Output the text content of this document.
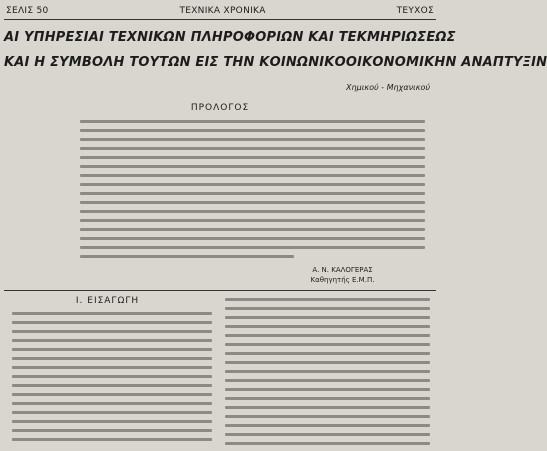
ΣΕΛΙΣ 50	ΤΕΧΝΙΚΑ ΧΡΟΝΙΚΑ	ΤΕΥΧΟΣ
ΑΙ ΥΠΗΡΕΣΙΑΙ ΤΕΧΝΙΚΩΝ ΠΛΗΡΟΦΟΡΙΩΝ ΚΑΙ ΤΕΚΜΗΡΙΩΣΕΩΣ
ΚΑΙ Η ΣΥΜΒΟΛΗ ΤΟΥΤΩΝ ΕΙΣ ΤΗΝ ΚΟΙΝΩΝΙΚΟΟΙΚΟΝΟΜΙΚΗΝ ΑΝΑΠΤΥΞΙΝ
Χημικού - Μηχανικού
ΠΡΟΛΟΓΟΣ
Α. Ν. ΚΑΛΟΓΕΡΑΣ
Καθηγητής Ε.Μ.Π.
Ι. ΕΙΣΑΓΩΓΗ
